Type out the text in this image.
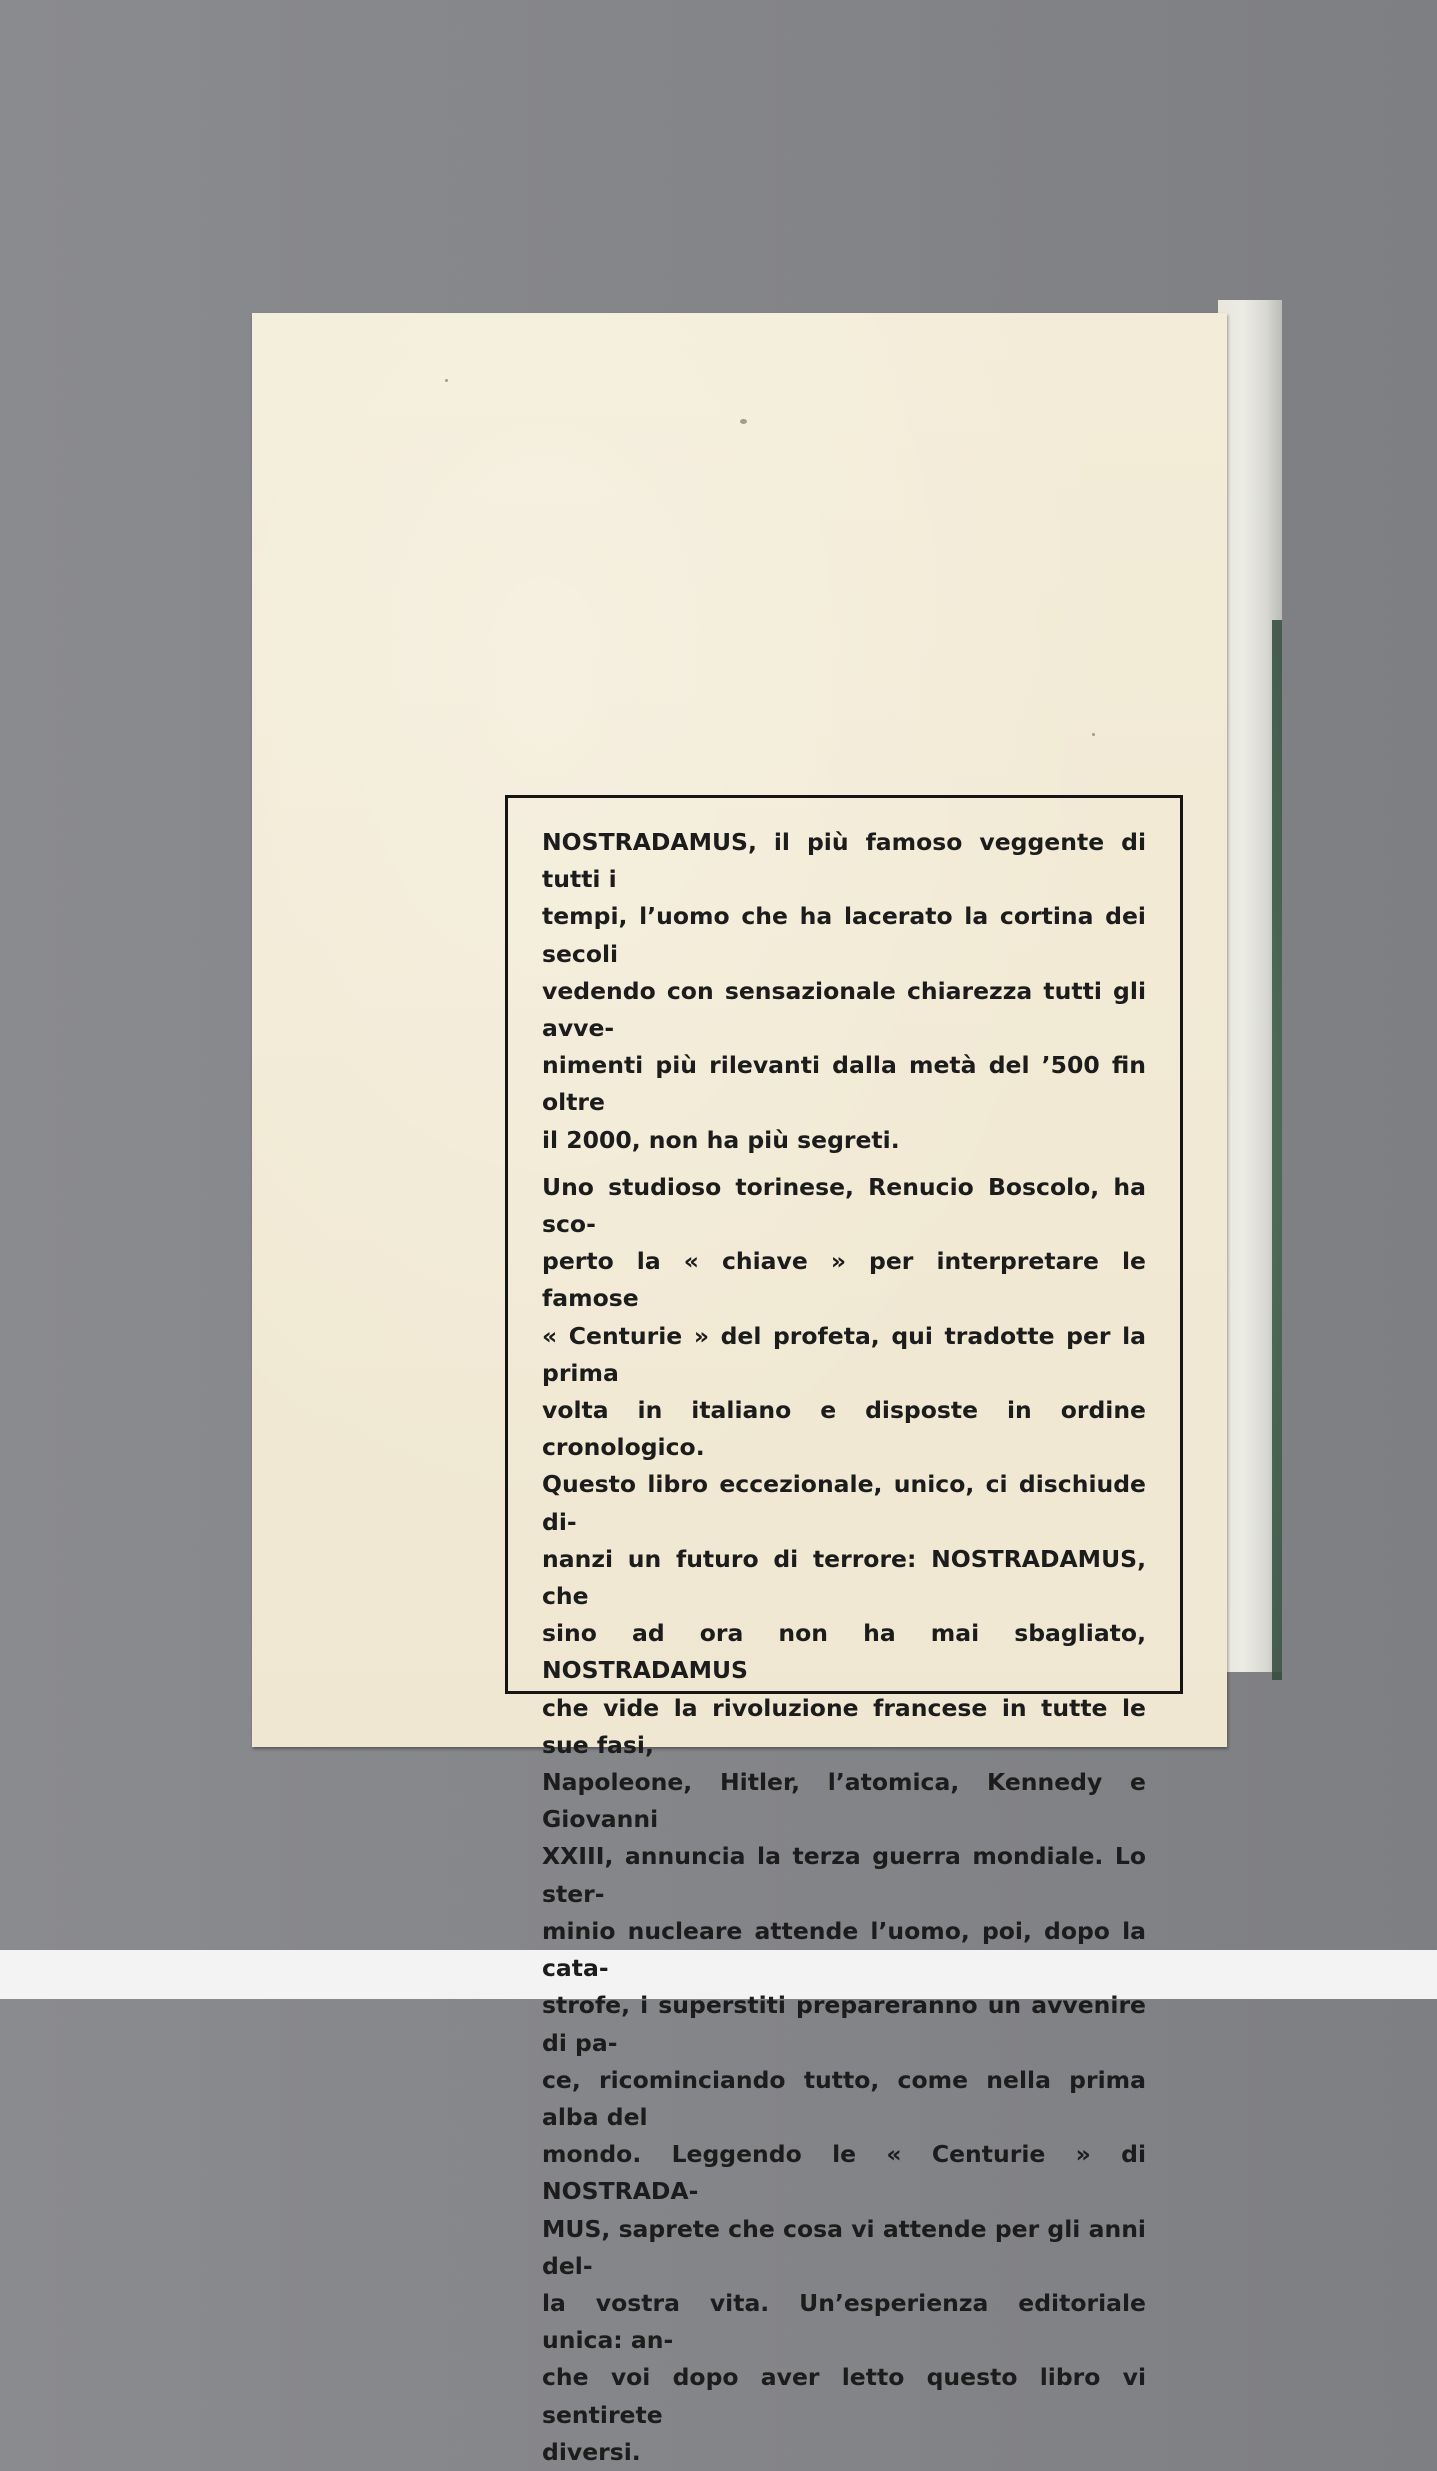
NOSTRADAMUS, il più famoso veggente di tutti i
tempi, l’uomo che ha lacerato la cortina dei secoli
vedendo con sensazionale chiarezza tutti gli avve-
nimenti più rilevanti dalla metà del ’500 fin oltre
il 2000, non ha più segreti.

Uno studioso torinese, Renucio Boscolo, ha sco-
perto la « chiave » per interpretare le famose
« Centurie » del profeta, qui tradotte per la prima
volta in italiano e disposte in ordine cronologico.
Questo libro eccezionale, unico, ci dischiude di-
nanzi un futuro di terrore: NOSTRADAMUS, che
sino ad ora non ha mai sbagliato, NOSTRADAMUS
che vide la rivoluzione francese in tutte le sue fasi,
Napoleone, Hitler, l’atomica, Kennedy e Giovanni
XXIII, annuncia la terza guerra mondiale. Lo ster-
minio nucleare attende l’uomo, poi, dopo la cata-
strofe, i superstiti prepareranno un avvenire di pa-
ce, ricominciando tutto, come nella prima alba del
mondo. Leggendo le « Centurie » di NOSTRADA-
MUS, saprete che cosa vi attende per gli anni del-
la vostra vita. Un’esperienza editoriale unica: an-
che voi dopo aver letto questo libro vi sentirete
diversi.
